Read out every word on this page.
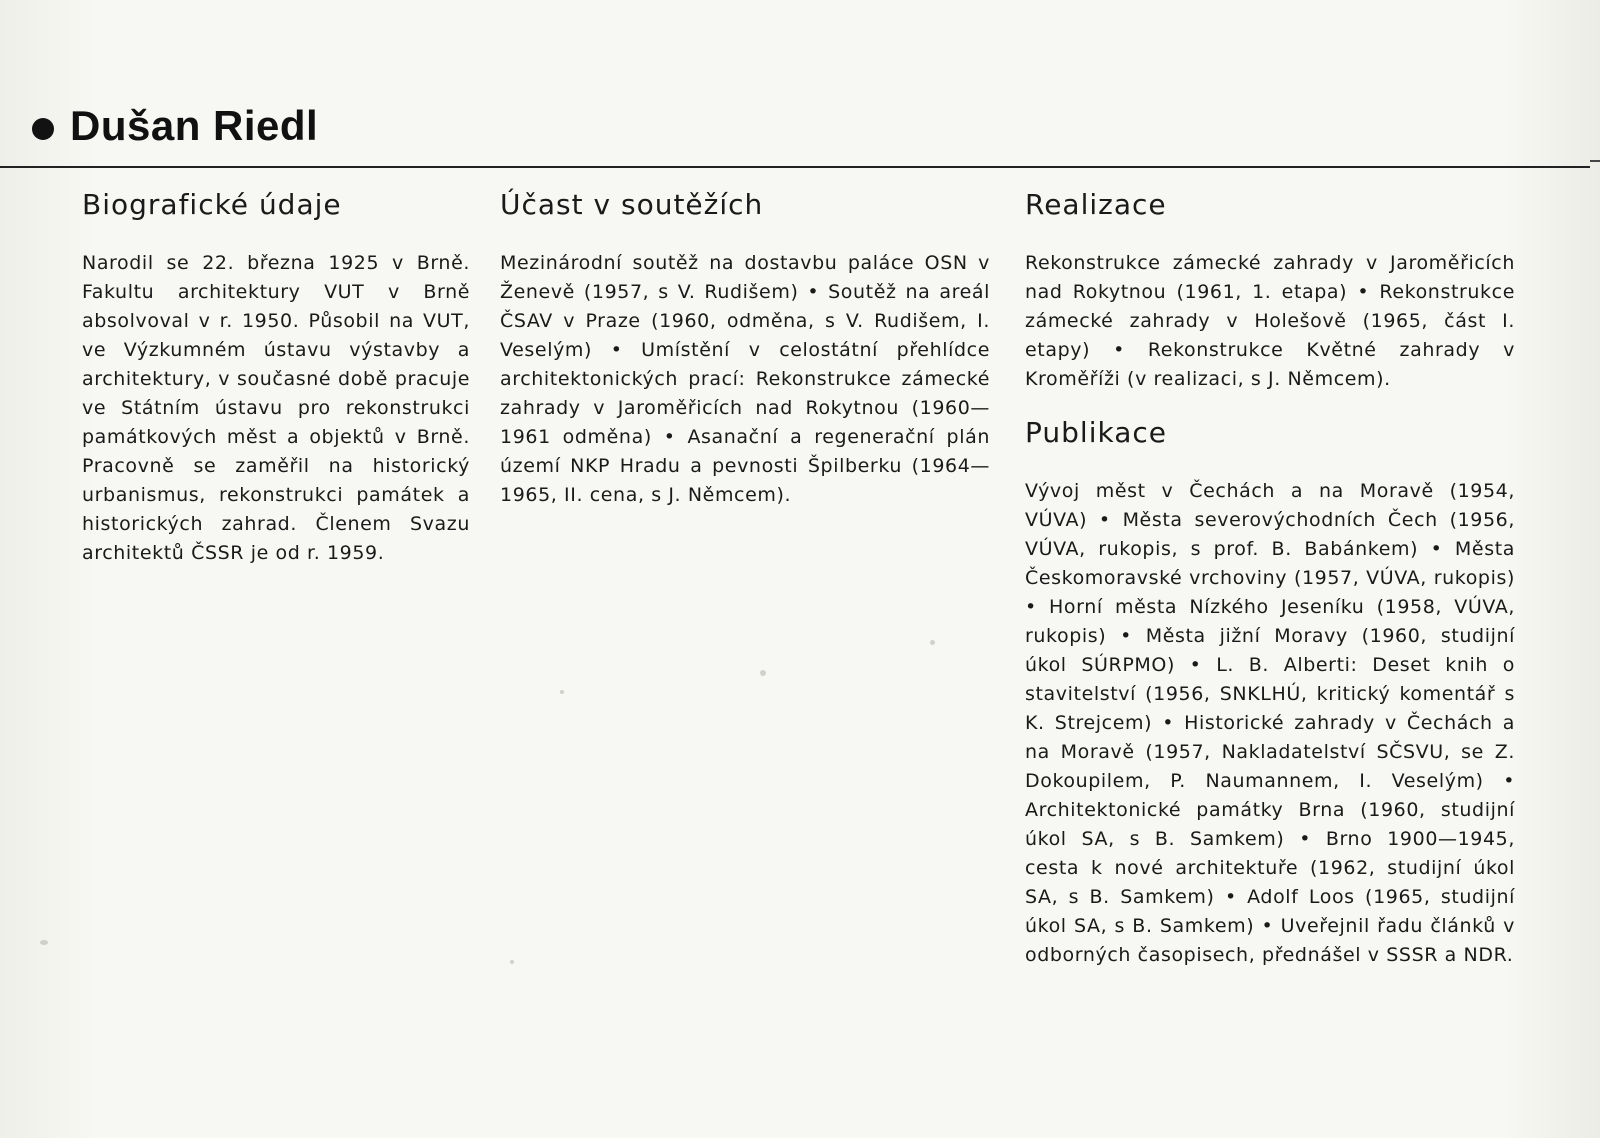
Dušan Riedl
Biografické údaje

Narodil se 22. března 1925 v Brně. Fakultu architektury VUT v Brně absolvoval v r. 1950. Působil na VUT, ve Výzkumném ústavu výstavby a architektury, v současné době pracuje ve Státním ústavu pro rekonstrukci památkových měst a objektů v Brně. Pracovně se zaměřil na historický urbanismus, rekonstrukci památek a historických zahrad. Členem Svazu architektů ČSSR je od r. 1959.

Účast v soutěžích

Mezinárodní soutěž na dostavbu paláce OSN v Ženevě (1957, s V. Rudišem) • Soutěž na areál ČSAV v Praze (1960, odměna, s V. Rudišem, I. Veselým) • Umístění v celostátní přehlídce architektonických prací: Rekonstrukce zámecké zahrady v Jaroměřicích nad Rokytnou (1960—1961 odměna) • Asanační a regenerační plán území NKP Hradu a pevnosti Špilberku (1964—1965, II. cena, s J. Němcem).

Realizace

Rekonstrukce zámecké zahrady v Jaroměřicích nad Rokytnou (1961, 1. etapa) • Rekonstrukce zámecké zahrady v Holešově (1965, část I. etapy) • Rekonstrukce Květné zahrady v Kroměříži (v realizaci, s J. Němcem).

Publikace

Vývoj měst v Čechách a na Moravě (1954, VÚVA) • Města severovýchodních Čech (1956, VÚVA, rukopis, s prof. B. Babánkem) • Města Českomoravské vrchoviny (1957, VÚVA, rukopis) • Horní města Nízkého Jeseníku (1958, VÚVA, rukopis) • Města jižní Moravy (1960, studijní úkol SÚRPMO) • L. B. Alberti: Deset knih o stavitelství (1956, SNKLHÚ, kritický komentář s K. Strejcem) • Historické zahrady v Čechách a na Moravě (1957, Nakladatelství SČSVU, se Z. Dokoupilem, P. Naumannem, I. Veselým) • Architektonické památky Brna (1960, studijní úkol SA, s B. Samkem) • Brno 1900—1945, cesta k nové architektuře (1962, studijní úkol SA, s B. Samkem) • Adolf Loos (1965, studijní úkol SA, s B. Samkem) • Uveřejnil řadu článků v odborných časopisech, přednášel v SSSR a NDR.
